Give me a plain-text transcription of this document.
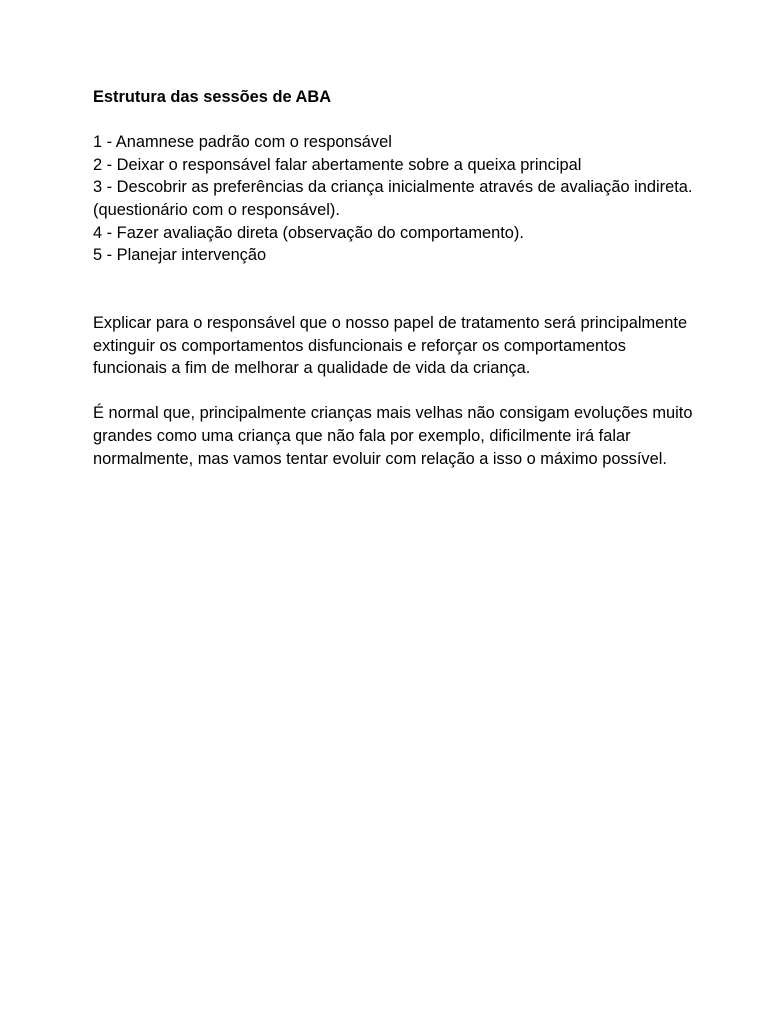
Estrutura das sessões de ABA
1 - Anamnese padrão com o responsável
2 - Deixar o responsável falar abertamente sobre a queixa principal
3 - Descobrir as preferências da criança inicialmente através de avaliação indireta. (questionário com o responsável).
4 - Fazer avaliação direta (observação do comportamento).
5 - Planejar intervenção

Explicar para o responsável que o nosso papel de tratamento será principalmente extinguir os comportamentos disfuncionais e reforçar os comportamentos funcionais a fim de melhorar a qualidade de vida da criança.

É normal que, principalmente crianças mais velhas não consigam evoluções muito grandes como uma criança que não fala por exemplo, dificilmente irá falar normalmente, mas vamos tentar evoluir com relação a isso o máximo possível.
